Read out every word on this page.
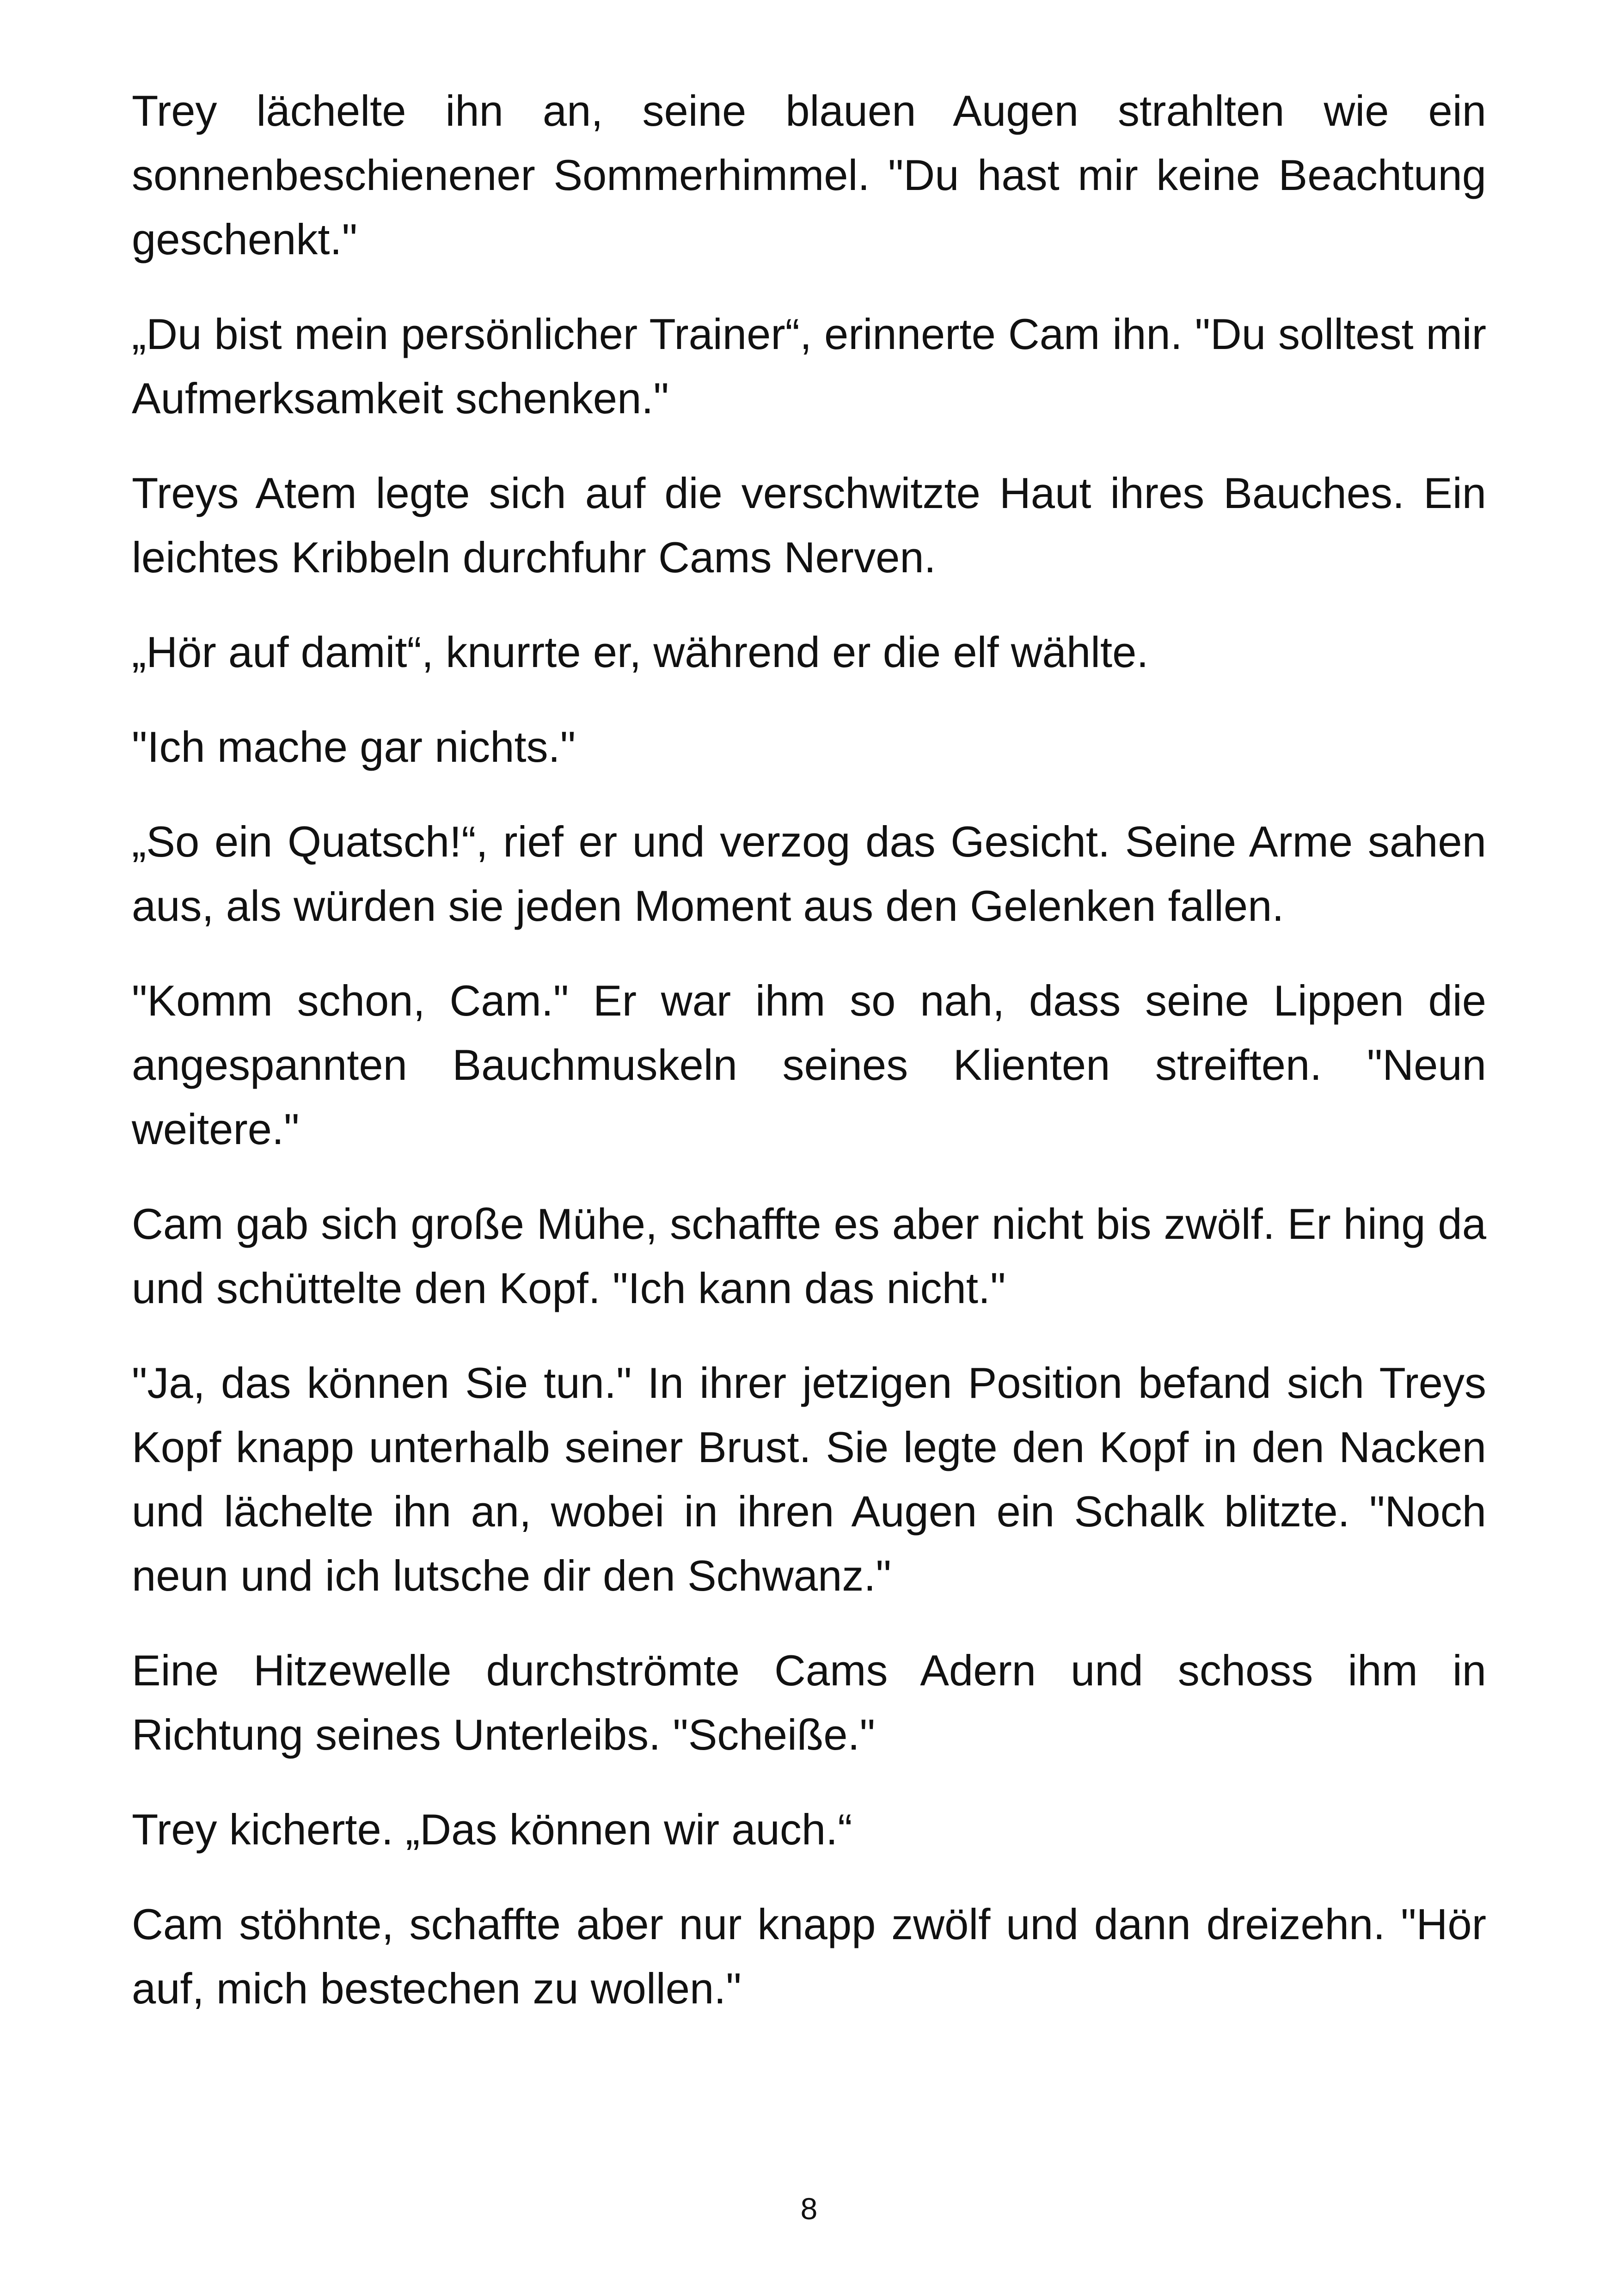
Trey lächelte ihn an, seine blauen Augen strahlten wie ein sonnenbeschienener Sommerhimmel. "Du hast mir keine Beachtung geschenkt."

„Du bist mein persönlicher Trainer“, erinnerte Cam ihn. "Du solltest mir Aufmerksamkeit schenken."

Treys Atem legte sich auf die verschwitzte Haut ihres Bauches. Ein leichtes Kribbeln durchfuhr Cams Nerven.

„Hör auf damit“, knurrte er, während er die elf wählte.

"Ich mache gar nichts."

„So ein Quatsch!“, rief er und verzog das Gesicht. Seine Arme sahen aus, als würden sie jeden Moment aus den Gelenken fallen.

"Komm schon, Cam." Er war ihm so nah, dass seine Lippen die angespannten Bauchmuskeln seines Klienten streiften. "Neun weitere."

Cam gab sich große Mühe, schaffte es aber nicht bis zwölf. Er hing da und schüttelte den Kopf. "Ich kann das nicht."

"Ja, das können Sie tun." In ihrer jetzigen Position befand sich Treys Kopf knapp unterhalb seiner Brust. Sie legte den Kopf in den Nacken und lächelte ihn an, wobei in ihren Augen ein Schalk blitzte. "Noch neun und ich lutsche dir den Schwanz."

Eine Hitzewelle durchströmte Cams Adern und schoss ihm in Richtung seines Unterleibs. "Scheiße."

Trey kicherte. „Das können wir auch.“

Cam stöhnte, schaffte aber nur knapp zwölf und dann dreizehn. "Hör auf, mich bestechen zu wollen."

8
